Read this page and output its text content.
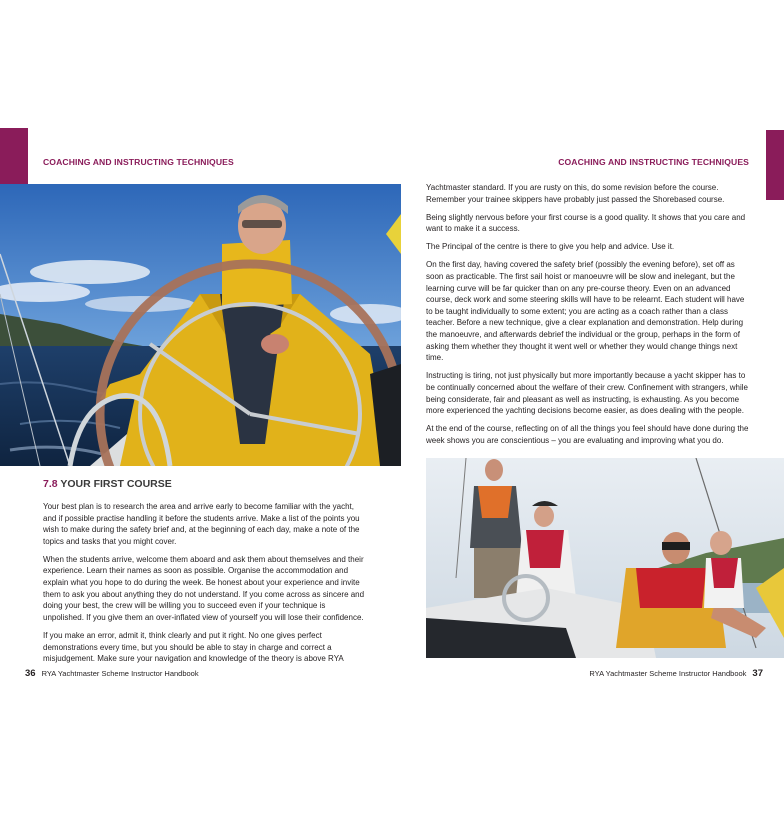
COACHING AND INSTRUCTING TECHNIQUES	COACHING AND INSTRUCTING TECHNIQUES
7.8 YOUR FIRST COURSE

Your best plan is to research the area and arrive early to become familiar with the yacht, and if possible practise handling it before the students arrive. Make a list of the points you wish to make during the safety brief and, at the beginning of each day, make a note of the topics and tasks that you might cover.

When the students arrive, welcome them aboard and ask them about themselves and their experience. Learn their names as soon as possible. Organise the accommodation and explain what you hope to do during the week. Be honest about your experience and invite them to ask you about anything they do not understand. If you come across as sincere and doing your best, the crew will be willing you to succeed even if your technique is unpolished. If you give them an over-inflated view of yourself you will lose their confidence.

If you make an error, admit it, think clearly and put it right. No one gives perfect demonstrations every time, but you should be able to stay in charge and correct a misjudgement. Make sure your navigation and knowledge of the theory is above RYA

Yachtmaster standard. If you are rusty on this, do some revision before the course. Remember your trainee skippers have probably just passed the Shorebased course.

Being slightly nervous before your first course is a good quality. It shows that you care and want to make it a success.

The Principal of the centre is there to give you help and advice. Use it.

On the first day, having covered the safety brief (possibly the evening before), set off as soon as practicable. The first sail hoist or manoeuvre will be slow and inelegant, but the learning curve will be far quicker than on any pre-course theory. Even on an advanced course, deck work and some steering skills will have to be relearnt. Each student will have to be taught individually to some extent; you are acting as a coach rather than a class teacher. Before a new technique, give a clear explanation and demonstration. Help during the manoeuvre, and afterwards debrief the individual or the group, perhaps in the form of asking them whether they thought it went well or whether they would change things next time.

Instructing is tiring, not just physically but more importantly because a yacht skipper has to be continually concerned about the welfare of their crew. Confinement with strangers, while being considerate, fair and pleasant as well as instructing, is exhausting. As you become more experienced the yachting decisions become easier, as does dealing with the people.

At the end of the course, reflecting on of all the things you feel should have done during the week shows you are conscientious – you are evaluating and improving what you do.

36 RYA Yachtmaster Scheme Instructor Handbook	RYA Yachtmaster Scheme Instructor Handbook 37
